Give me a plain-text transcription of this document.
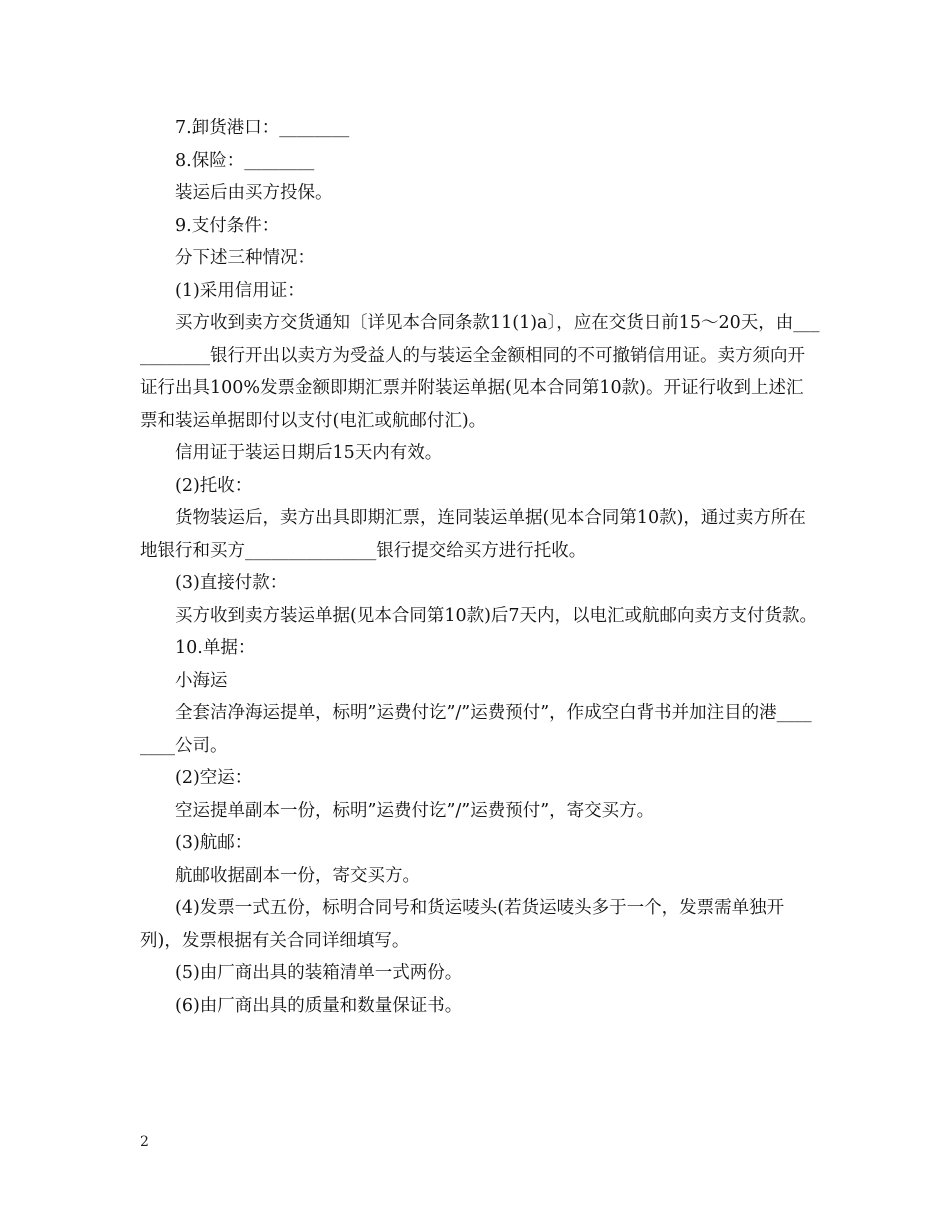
7.卸货港口：________

8.保险：________

装运后由买方投保。

9.支付条件：

分下述三种情况：

(1)采用信用证：

买方收到卖方交货通知〔详见本合同条款11(1)a〕，应在交货日前15～20天，由___________银行开出以卖方为受益人的与装运全金额相同的不可撤销信用证。卖方须向开证行出具100%发票金额即期汇票并附装运单据(见本合同第10款)。开证行收到上述汇票和装运单据即付以支付(电汇或航邮付汇)。

信用证于装运日期后15天内有效。

(2)托收：

货物装运后，卖方出具即期汇票，连同装运单据(见本合同第10款)，通过卖方所在地银行和买方_______________银行提交给买方进行托收。

(3)直接付款：

买方收到卖方装运单据(见本合同第10款)后7天内，以电汇或航邮向卖方支付货款。

10.单据：

小海运

全套洁净海运提单，标明”运费付讫”/”运费预付”，作成空白背书并加注目的港________公司。

(2)空运：

空运提单副本一份，标明”运费付讫”/”运费预付”，寄交买方。

(3)航邮：

航邮收据副本一份，寄交买方。

(4)发票一式五份，标明合同号和货运唛头(若货运唛头多于一个，发票需单独开列)，发票根据有关合同详细填写。

(5)由厂商出具的装箱清单一式两份。

(6)由厂商出具的质量和数量保证书。

2
